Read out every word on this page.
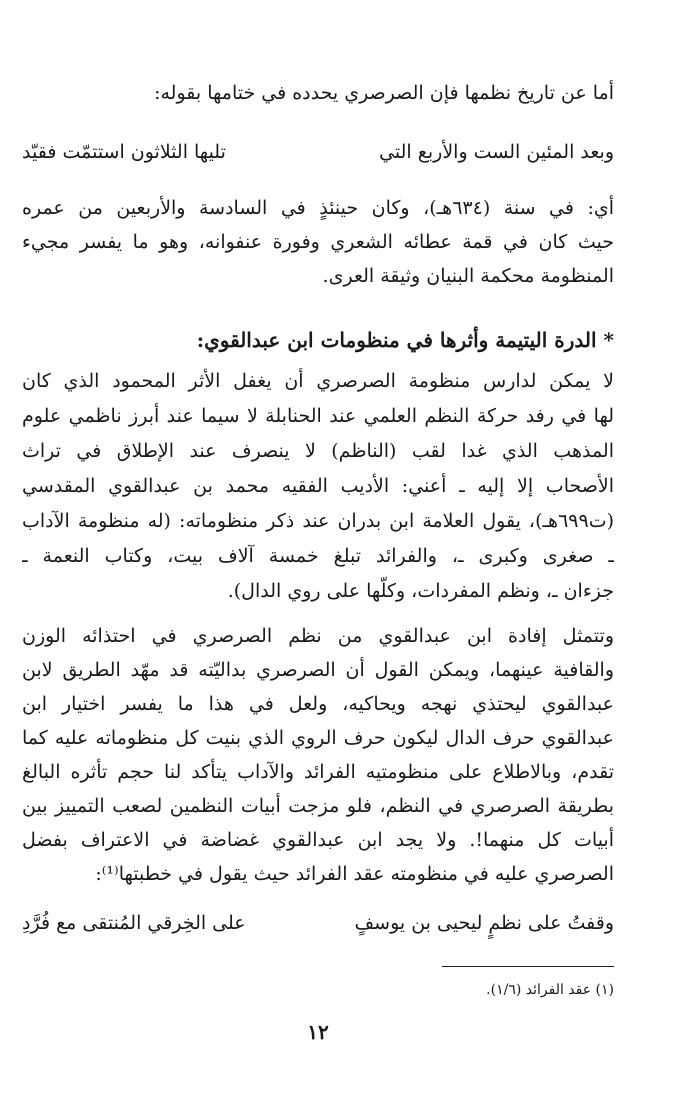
أما عن تاريخ نظمها فإن الصرصري يحدده في ختامها بقوله:
وبعد المئين الست والأربع التي
تليها الثلاثون استتمّت فقيّد
أي: في سنة (٦٣٤هـ)، وكان حينئذٍ في السادسة والأربعين من عمره
حيث كان في قمة عطائه الشعري وفورة عنفوانه، وهو ما يفسر مجيء
المنظومة محكمة البنيان وثيقة العرى.
* الدرة اليتيمة وأثرها في منظومات ابن عبدالقوي:
لا يمكن لدارس منظومة الصرصري أن يغفل الأثر المحمود الذي كان
لها في رفد حركة النظم العلمي عند الحنابلة لا سيما عند أبرز ناظمي علوم
المذهب الذي غدا لقب (الناظم) لا ينصرف عند الإطلاق في تراث
الأصحاب إلا إليه ـ أعني: الأديب الفقيه محمد بن عبدالقوي المقدسي
(ت٦٩٩هـ)، يقول العلامة ابن بدران عند ذكر منظوماته: (له منظومة الآداب
ـ صغرى وكبرى ـ، والفرائد تبلغ خمسة آلاف بيت، وكتاب النعمة ـ
جزءان ـ، ونظم المفردات، وكلّها على روي الدال).
وتتمثل إفادة ابن عبدالقوي من نظم الصرصري في احتذائه الوزن
والقافية عينهما، ويمكن القول أن الصرصري بداليّته قد مهّد الطريق لابن
عبدالقوي ليحتذي نهجه ويحاكيه، ولعل في هذا ما يفسر اختيار ابن
عبدالقوي حرف الدال ليكون حرف الروي الذي بنيت كل منظوماته عليه كما
تقدم، وبالاطلاع على منظومتيه الفرائد والآداب يتأكد لنا حجم تأثره البالغ
بطريقة الصرصري في النظم، فلو مزجت أبيات النظمين لصعب التمييز بين
أبيات كل منهما!. ولا يجد ابن عبدالقوي غضاضة في الاعتراف بفضل
الصرصري عليه في منظومته عقد الفرائد حيث يقول في خطبتها⁽¹⁾:
وقفتُ على نظمٍ ليحيى بن يوسفٍ
على الخِرقي المُنتقى مع فُرَّدِ
(١) عقد الفرائد (١/٦).
١٢
